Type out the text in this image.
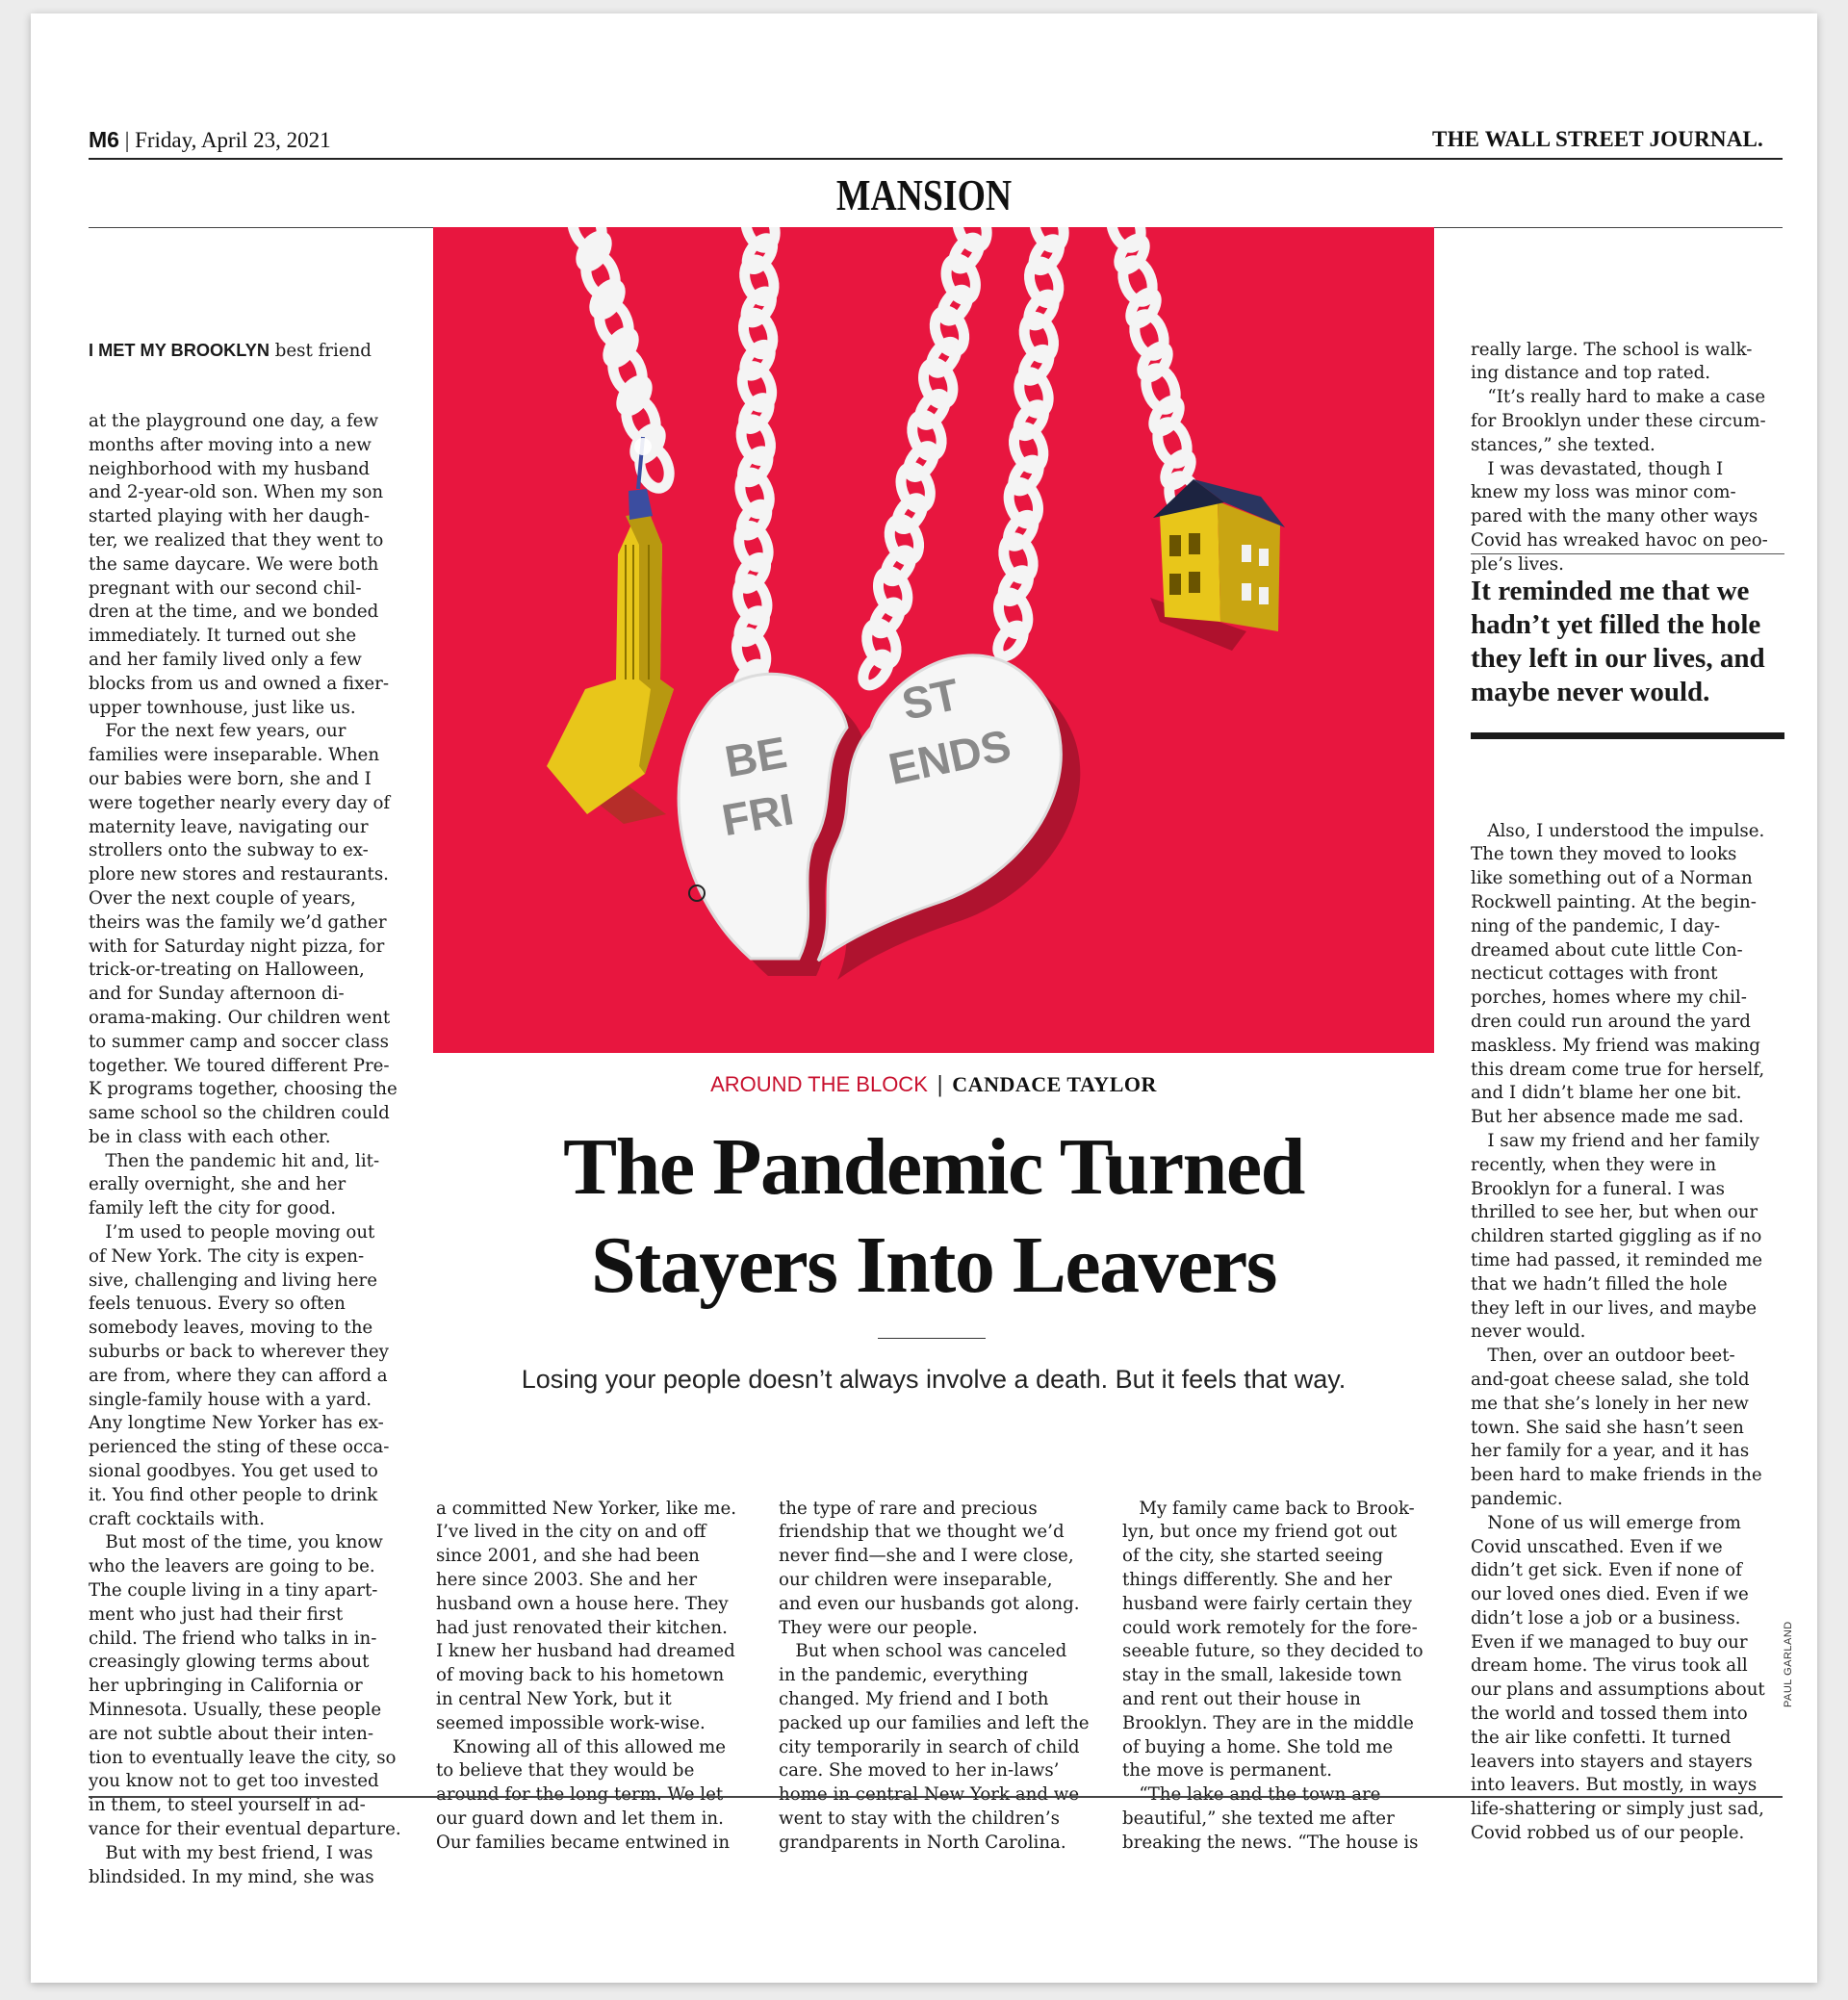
M6 | Friday, April 23, 2021	THE WALL STREET JOURNAL.
MANSION

I MET MY BROOKLYN best friend

at the playground one day, a few
months after moving into a new
neighborhood with my husband
and 2-year-old son. When my son
started playing with her daugh-
ter, we realized that they went to
the same daycare. We were both
pregnant with our second chil-
dren at the time, and we bonded
immediately. It turned out she
and her family lived only a few
blocks from us and owned a fixer-
upper townhouse, just like us.
For the next few years, our
families were inseparable. When
our babies were born, she and I
were together nearly every day of
maternity leave, navigating our
strollers onto the subway to ex-
plore new stores and restaurants.
Over the next couple of years,
theirs was the family we’d gather
with for Saturday night pizza, for
trick-or-treating on Halloween,
and for Sunday afternoon di-
orama-making. Our children went
to summer camp and soccer class
together. We toured different Pre-
K programs together, choosing the
same school so the children could
be in class with each other.
Then the pandemic hit and, lit-
erally overnight, she and her
family left the city for good.
I’m used to people moving out
of New York. The city is expen-
sive, challenging and living here
feels tenuous. Every so often
somebody leaves, moving to the
suburbs or back to wherever they
are from, where they can afford a
single-family house with a yard.
Any longtime New Yorker has ex-
perienced the sting of these occa-
sional goodbyes. You get used to
it. You find other people to drink
craft cocktails with.
But most of the time, you know
who the leavers are going to be.
The couple living in a tiny apart-
ment who just had their first
child. The friend who talks in in-
creasingly glowing terms about
her upbringing in California or
Minnesota. Usually, these people
are not subtle about their inten-
tion to eventually leave the city, so
you know not to get too invested
in them, to steel yourself in ad-
vance for their eventual departure.
But with my best friend, I was
blindsided. In my mind, she was

BE
FRI
ST
ENDS

really large. The school is walk-
ing distance and top rated.
“It’s really hard to make a case
for Brooklyn under these circum-
stances,” she texted.
I was devastated, though I
knew my loss was minor com-
pared with the many other ways
Covid has wreaked havoc on peo-
ple’s lives.

It reminded me that we hadn’t yet filled the hole they left in our lives, and maybe never would.

Also, I understood the impulse.
The town they moved to looks
like something out of a Norman
Rockwell painting. At the begin-
ning of the pandemic, I day-
dreamed about cute little Con-
necticut cottages with front
porches, homes where my chil-
dren could run around the yard
maskless. My friend was making
this dream come true for herself,
and I didn’t blame her one bit.
But her absence made me sad.
I saw my friend and her family
recently, when they were in
Brooklyn for a funeral. I was
thrilled to see her, but when our
children started giggling as if no
time had passed, it reminded me
that we hadn’t filled the hole
they left in our lives, and maybe
never would.
Then, over an outdoor beet-
and-goat cheese salad, she told
me that she’s lonely in her new
town. She said she hasn’t seen
her family for a year, and it has
been hard to make friends in the
pandemic.
None of us will emerge from
Covid unscathed. Even if we
didn’t get sick. Even if none of
our loved ones died. Even if we
didn’t lose a job or a business.
Even if we managed to buy our
dream home. The virus took all
our plans and assumptions about
the world and tossed them into
the air like confetti. It turned
leavers into stayers and stayers
into leavers. But mostly, in ways
life-shattering or simply just sad,
Covid robbed us of our people.

AROUND THE BLOCK | CANDACE TAYLOR
The Pandemic Turned
Stayers Into Leavers
Losing your people doesn’t always involve a death. But it feels that way.

a committed New Yorker, like me.
I’ve lived in the city on and off
since 2001, and she had been
here since 2003. She and her
husband own a house here. They
had just renovated their kitchen.
I knew her husband had dreamed
of moving back to his hometown
in central New York, but it
seemed impossible work-wise.
Knowing all of this allowed me
to believe that they would be
around for the long term. We let
our guard down and let them in.
Our families became entwined in

the type of rare and precious
friendship that we thought we’d
never find—she and I were close,
our children were inseparable,
and even our husbands got along.
They were our people.
But when school was canceled
in the pandemic, everything
changed. My friend and I both
packed up our families and left the
city temporarily in search of child
care. She moved to her in-laws’
home in central New York and we
went to stay with the children’s
grandparents in North Carolina.

My family came back to Brook-
lyn, but once my friend got out
of the city, she started seeing
things differently. She and her
husband were fairly certain they
could work remotely for the fore-
seeable future, so they decided to
stay in the small, lakeside town
and rent out their house in
Brooklyn. They are in the middle
of buying a home. She told me
the move is permanent.
“The lake and the town are
beautiful,” she texted me after
breaking the news. “The house is

PAUL GARLAND
